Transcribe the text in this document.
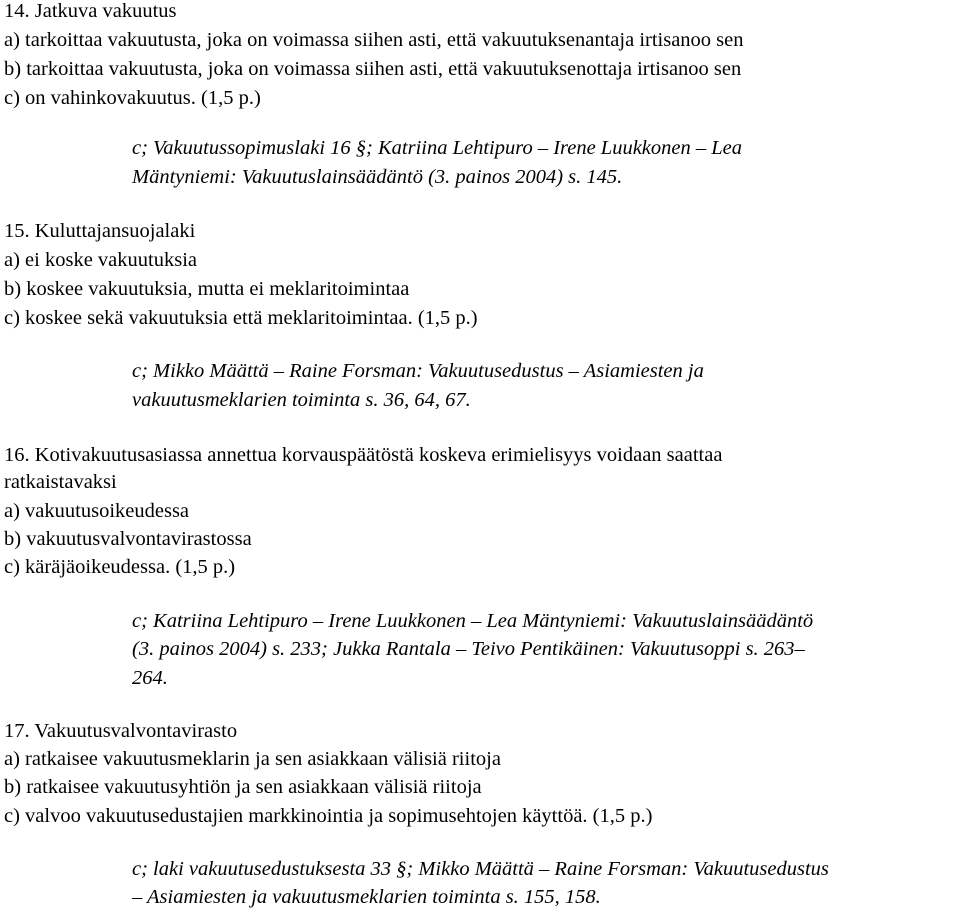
14. Jatkuva vakuutus
a) tarkoittaa vakuutusta, joka on voimassa siihen asti, että vakuutuksenantaja irtisanoo sen
b) tarkoittaa vakuutusta, joka on voimassa siihen asti, että vakuutuksenottaja irtisanoo sen
c) on vahinkovakuutus. (1,5 p.)
c; Vakuutussopimuslaki 16 §; Katriina Lehtipuro – Irene Luukkonen – Lea
Mäntyniemi: Vakuutuslainsäädäntö (3. painos 2004) s. 145.
15. Kuluttajansuojalaki
a) ei koske vakuutuksia
b) koskee vakuutuksia, mutta ei meklaritoimintaa
c) koskee sekä vakuutuksia että meklaritoimintaa. (1,5 p.)
c; Mikko Määttä – Raine Forsman: Vakuutusedustus – Asiamiesten ja
vakuutusmeklarien toiminta s. 36, 64, 67.
16. Kotivakuutusasiassa annettua korvauspäätöstä koskeva erimielisyys voidaan saattaa
ratkaistavaksi
a) vakuutusoikeudessa
b) vakuutusvalvontavirastossa
c) käräjäoikeudessa. (1,5 p.)
c; Katriina Lehtipuro – Irene Luukkonen – Lea Mäntyniemi: Vakuutuslainsäädäntö
(3. painos 2004) s. 233; Jukka Rantala – Teivo Pentikäinen: Vakuutusoppi s. 263–
264.
17. Vakuutusvalvontavirasto
a) ratkaisee vakuutusmeklarin ja sen asiakkaan välisiä riitoja
b) ratkaisee vakuutusyhtiön ja sen asiakkaan välisiä riitoja
c) valvoo vakuutusedustajien markkinointia ja sopimusehtojen käyttöä. (1,5 p.)
c; laki vakuutusedustuksesta 33 §; Mikko Määttä – Raine Forsman: Vakuutusedustus
– Asiamiesten ja vakuutusmeklarien toiminta s. 155, 158.
